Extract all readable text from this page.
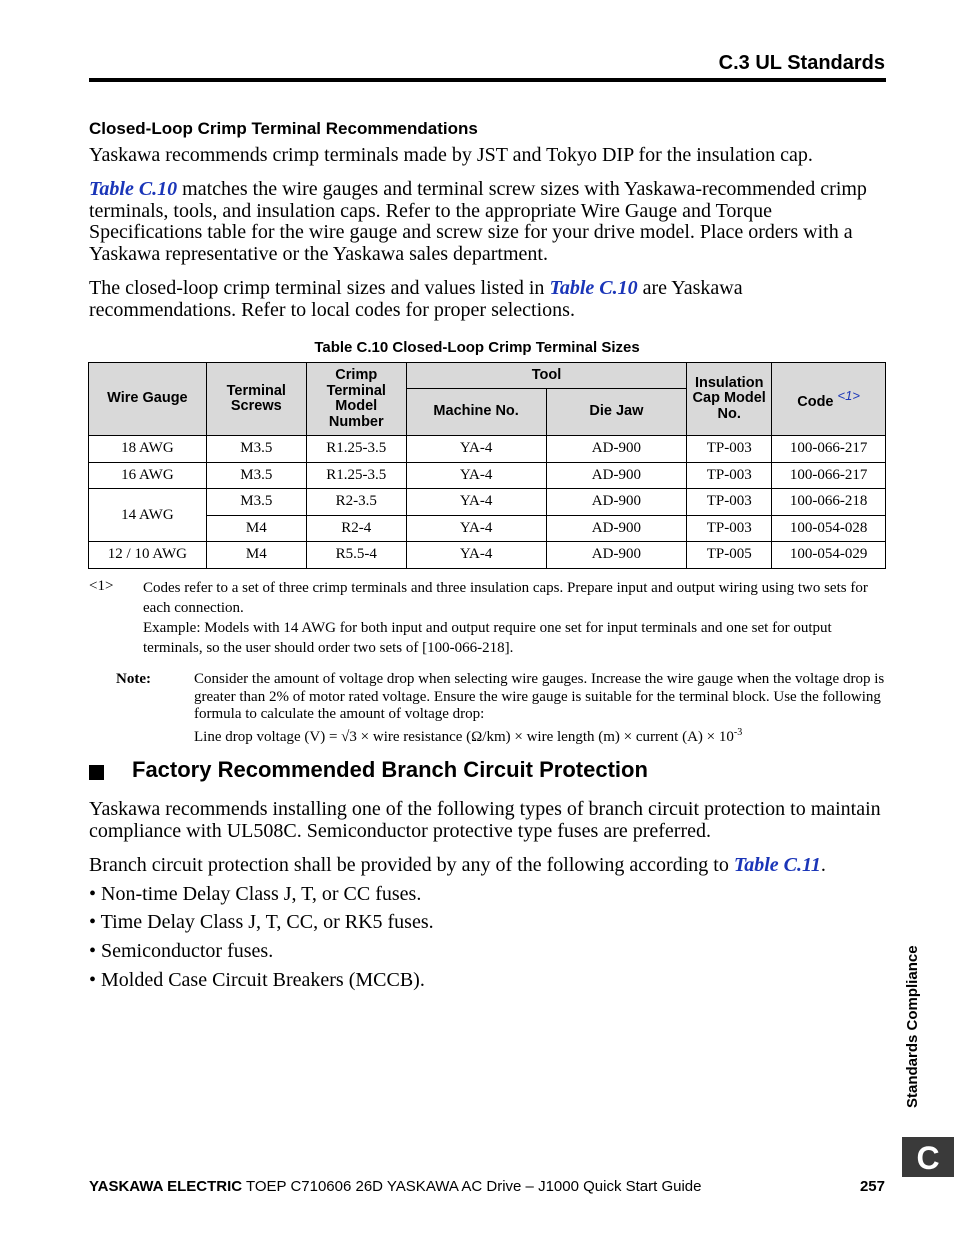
C.3 UL Standards
Closed-Loop Crimp Terminal Recommendations
Yaskawa recommends crimp terminals made by JST and Tokyo DIP for the insulation cap.
Table C.10 matches the wire gauges and terminal screw sizes with Yaskawa-recommended crimp terminals, tools, and insulation caps. Refer to the appropriate Wire Gauge and Torque Specifications table for the wire gauge and screw size for your drive model. Place orders with a Yaskawa representative or the Yaskawa sales department.
The closed-loop crimp terminal sizes and values listed in Table C.10 are Yaskawa recommendations. Refer to local codes for proper selections.
Table C.10 Closed-Loop Crimp Terminal Sizes
Wire Gauge	Terminal Screws	Crimp Terminal Model Number	Tool		Insulation Cap Model No.	Code <1>
			Machine No.	Die Jaw		
18 AWG	M3.5	R1.25-3.5	YA-4	AD-900	TP-003	100-066-217
16 AWG	M3.5	R1.25-3.5	YA-4	AD-900	TP-003	100-066-217
14 AWG	M3.5	R2-3.5	YA-4	AD-900	TP-003	100-066-218
	M4	R2-4	YA-4	AD-900	TP-003	100-054-028
12 / 10 AWG	M4	R5.5-4	YA-4	AD-900	TP-005	100-054-029
<1> Codes refer to a set of three crimp terminals and three insulation caps. Prepare input and output wiring using two sets for each connection.
Example: Models with 14 AWG for both input and output require one set for input terminals and one set for output terminals, so the user should order two sets of [100-066-218].
Note:	Consider the amount of voltage drop when selecting wire gauges. Increase the wire gauge when the voltage drop is greater than 2% of motor rated voltage. Ensure the wire gauge is suitable for the terminal block. Use the following formula to calculate the amount of voltage drop:
Line drop voltage (V) = √3 × wire resistance (Ω/km) × wire length (m) × current $(A) \times 10^{-3}$
Factory Recommended Branch Circuit Protection
Yaskawa recommends installing one of the following types of branch circuit protection to maintain compliance with UL508C. Semiconductor protective type fuses are preferred.
Branch circuit protection shall be provided by any of the following according to Table C.11.
• Non-time Delay Class J, T, or CC fuses.
• Time Delay Class J, T, CC, or RK5 fuses.
• Semiconductor fuses.
• Molded Case Circuit Breakers (MCCB).	Standards Compliance
C
YASKAWA ELECTRIC TOEP C710606 26D YASKAWA AC Drive – J1000 Quick Start Guide	257
